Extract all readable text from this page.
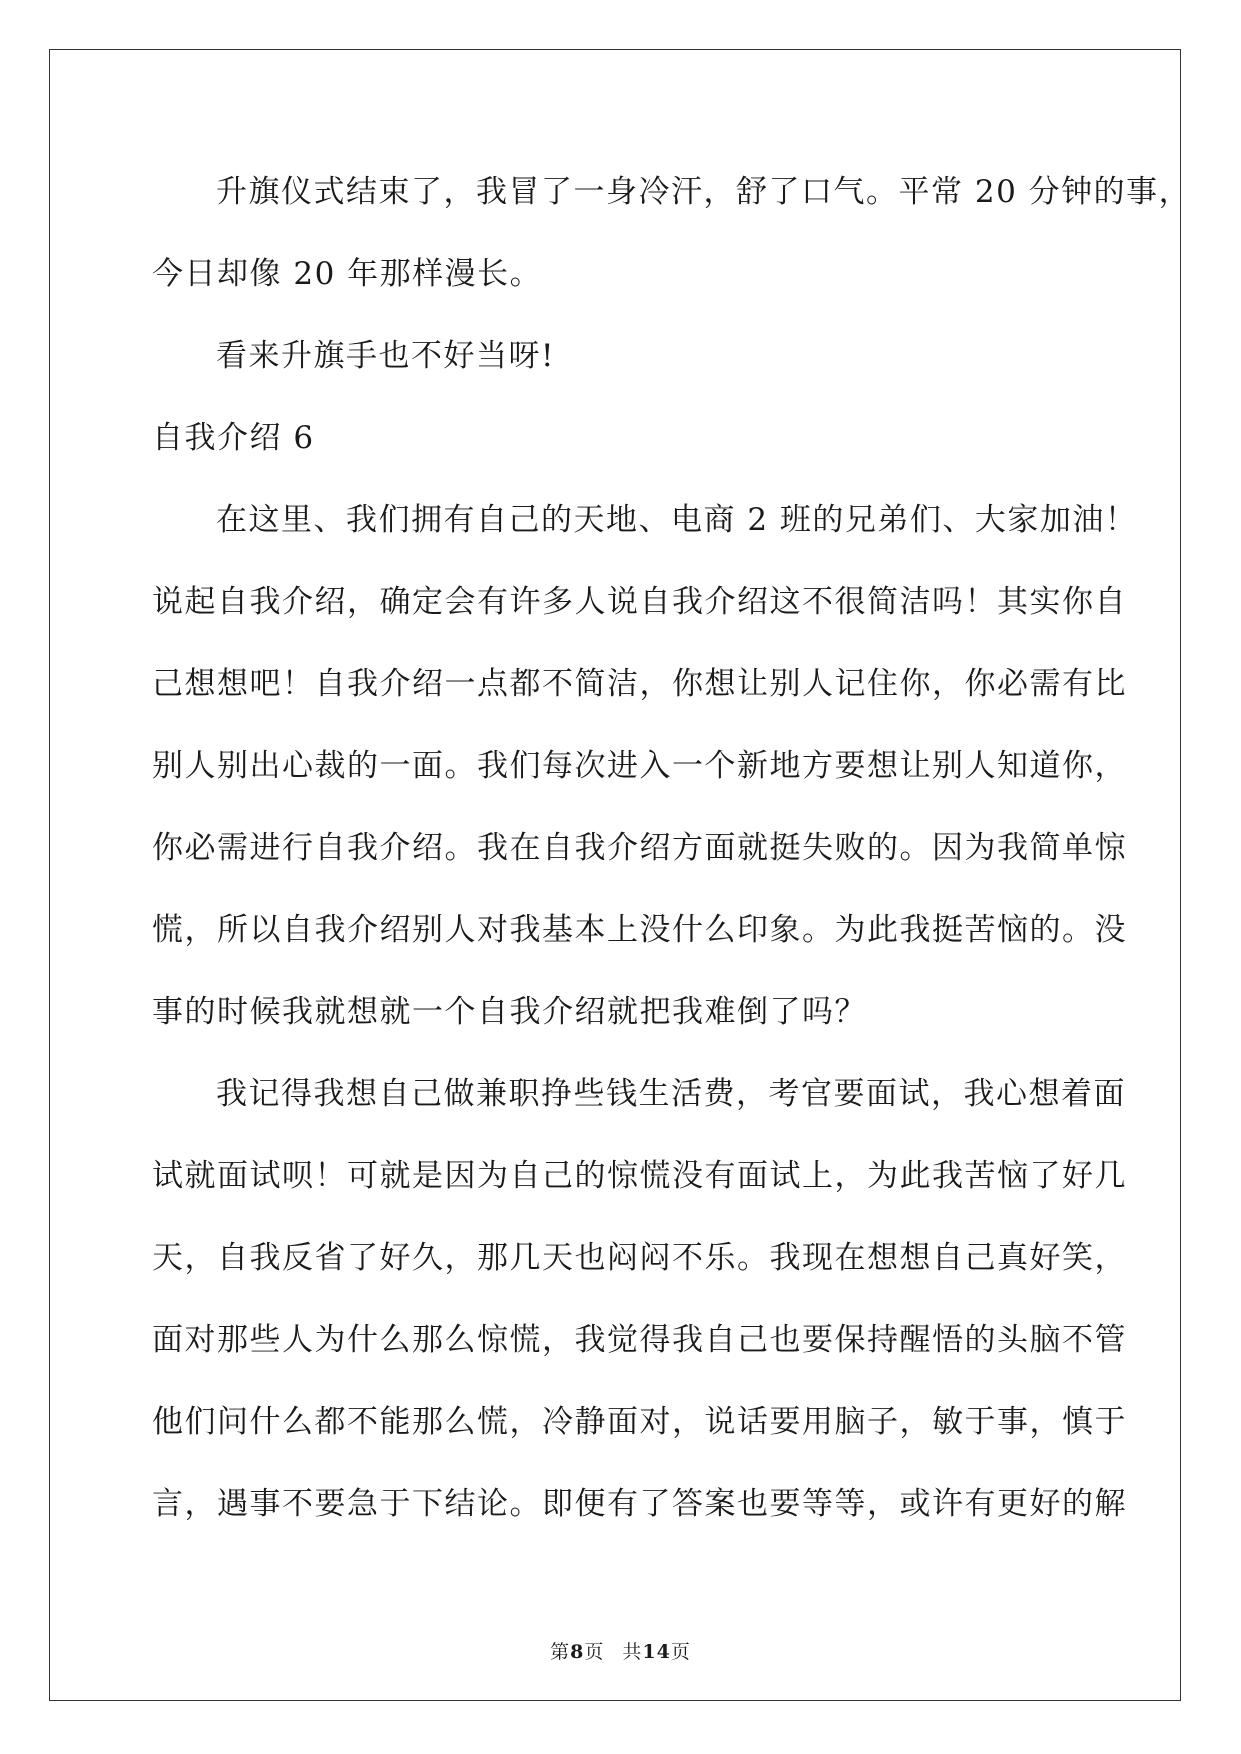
升旗仪式结束了，我冒了一身冷汗，舒了口气。平常 20 分钟的事，
今日却像 20 年那样漫长。
看来升旗手也不好当呀!
自我介绍 6
在这里、我们拥有自己的天地、电商 2 班的兄弟们、大家加油！
说起自我介绍，确定会有许多人说自我介绍这不很简洁吗！其实你自
己想想吧！自我介绍一点都不简洁，你想让别人记住你，你必需有比
别人别出心裁的一面。我们每次进入一个新地方要想让别人知道你，
你必需进行自我介绍。我在自我介绍方面就挺失败的。因为我简单惊
慌，所以自我介绍别人对我基本上没什么印象。为此我挺苦恼的。没
事的时候我就想就一个自我介绍就把我难倒了吗？
我记得我想自己做兼职挣些钱生活费，考官要面试，我心想着面
试就面试呗！可就是因为自己的惊慌没有面试上，为此我苦恼了好几
天，自我反省了好久，那几天也闷闷不乐。我现在想想自己真好笑，
面对那些人为什么那么惊慌，我觉得我自己也要保持醒悟的头脑不管
他们问什么都不能那么慌，冷静面对，说话要用脑子，敏于事，慎于
言，遇事不要急于下结论。即便有了答案也要等等，或许有更好的解
第8页 共14页
